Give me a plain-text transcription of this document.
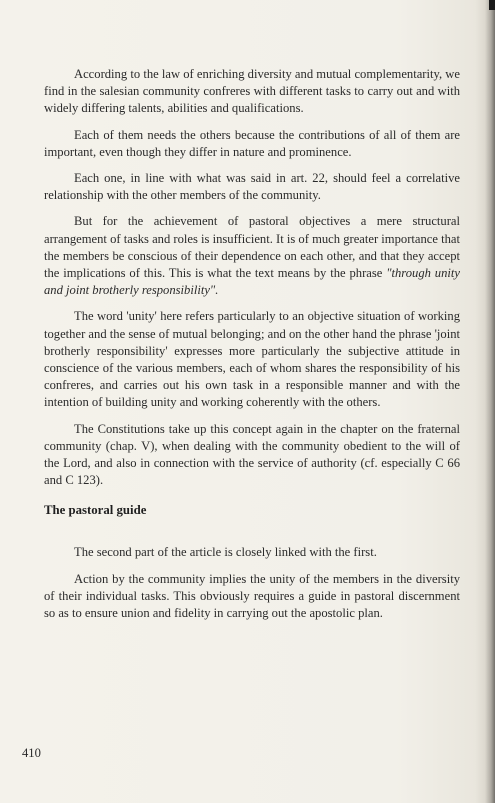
According to the law of enriching diversity and mutual complementarity, we find in the salesian community confreres with different tasks to carry out and with widely differing talents, abilities and qualifications.

Each of them needs the others because the contributions of all of them are important, even though they differ in nature and prominence.

Each one, in line with what was said in art. 22, should feel a correlative relationship with the other members of the community.

But for the achievement of pastoral objectives a mere structural arrangement of tasks and roles is insufficient. It is of much greater importance that the members be conscious of their dependence on each other, and that they accept the implications of this. This is what the text means by the phrase "through unity and joint brotherly responsibility".

The word 'unity' here refers particularly to an objective situation of working together and the sense of mutual belonging; and on the other hand the phrase 'joint brotherly responsibility' expresses more particularly the subjective attitude in conscience of the various members, each of whom shares the responsibility of his confreres, and carries out his own task in a responsible manner and with the intention of building unity and working coherently with the others.

The Constitutions take up this concept again in the chapter on the fraternal community (chap. V), when dealing with the community obedient to the will of the Lord, and also in connection with the service of authority (cf. especially C 66 and C 123).

The pastoral guide

The second part of the article is closely linked with the first.

Action by the community implies the unity of the members in the diversity of their individual tasks. This obviously requires a guide in pastoral discernment so as to ensure union and fidelity in carrying out the apostolic plan.

410
